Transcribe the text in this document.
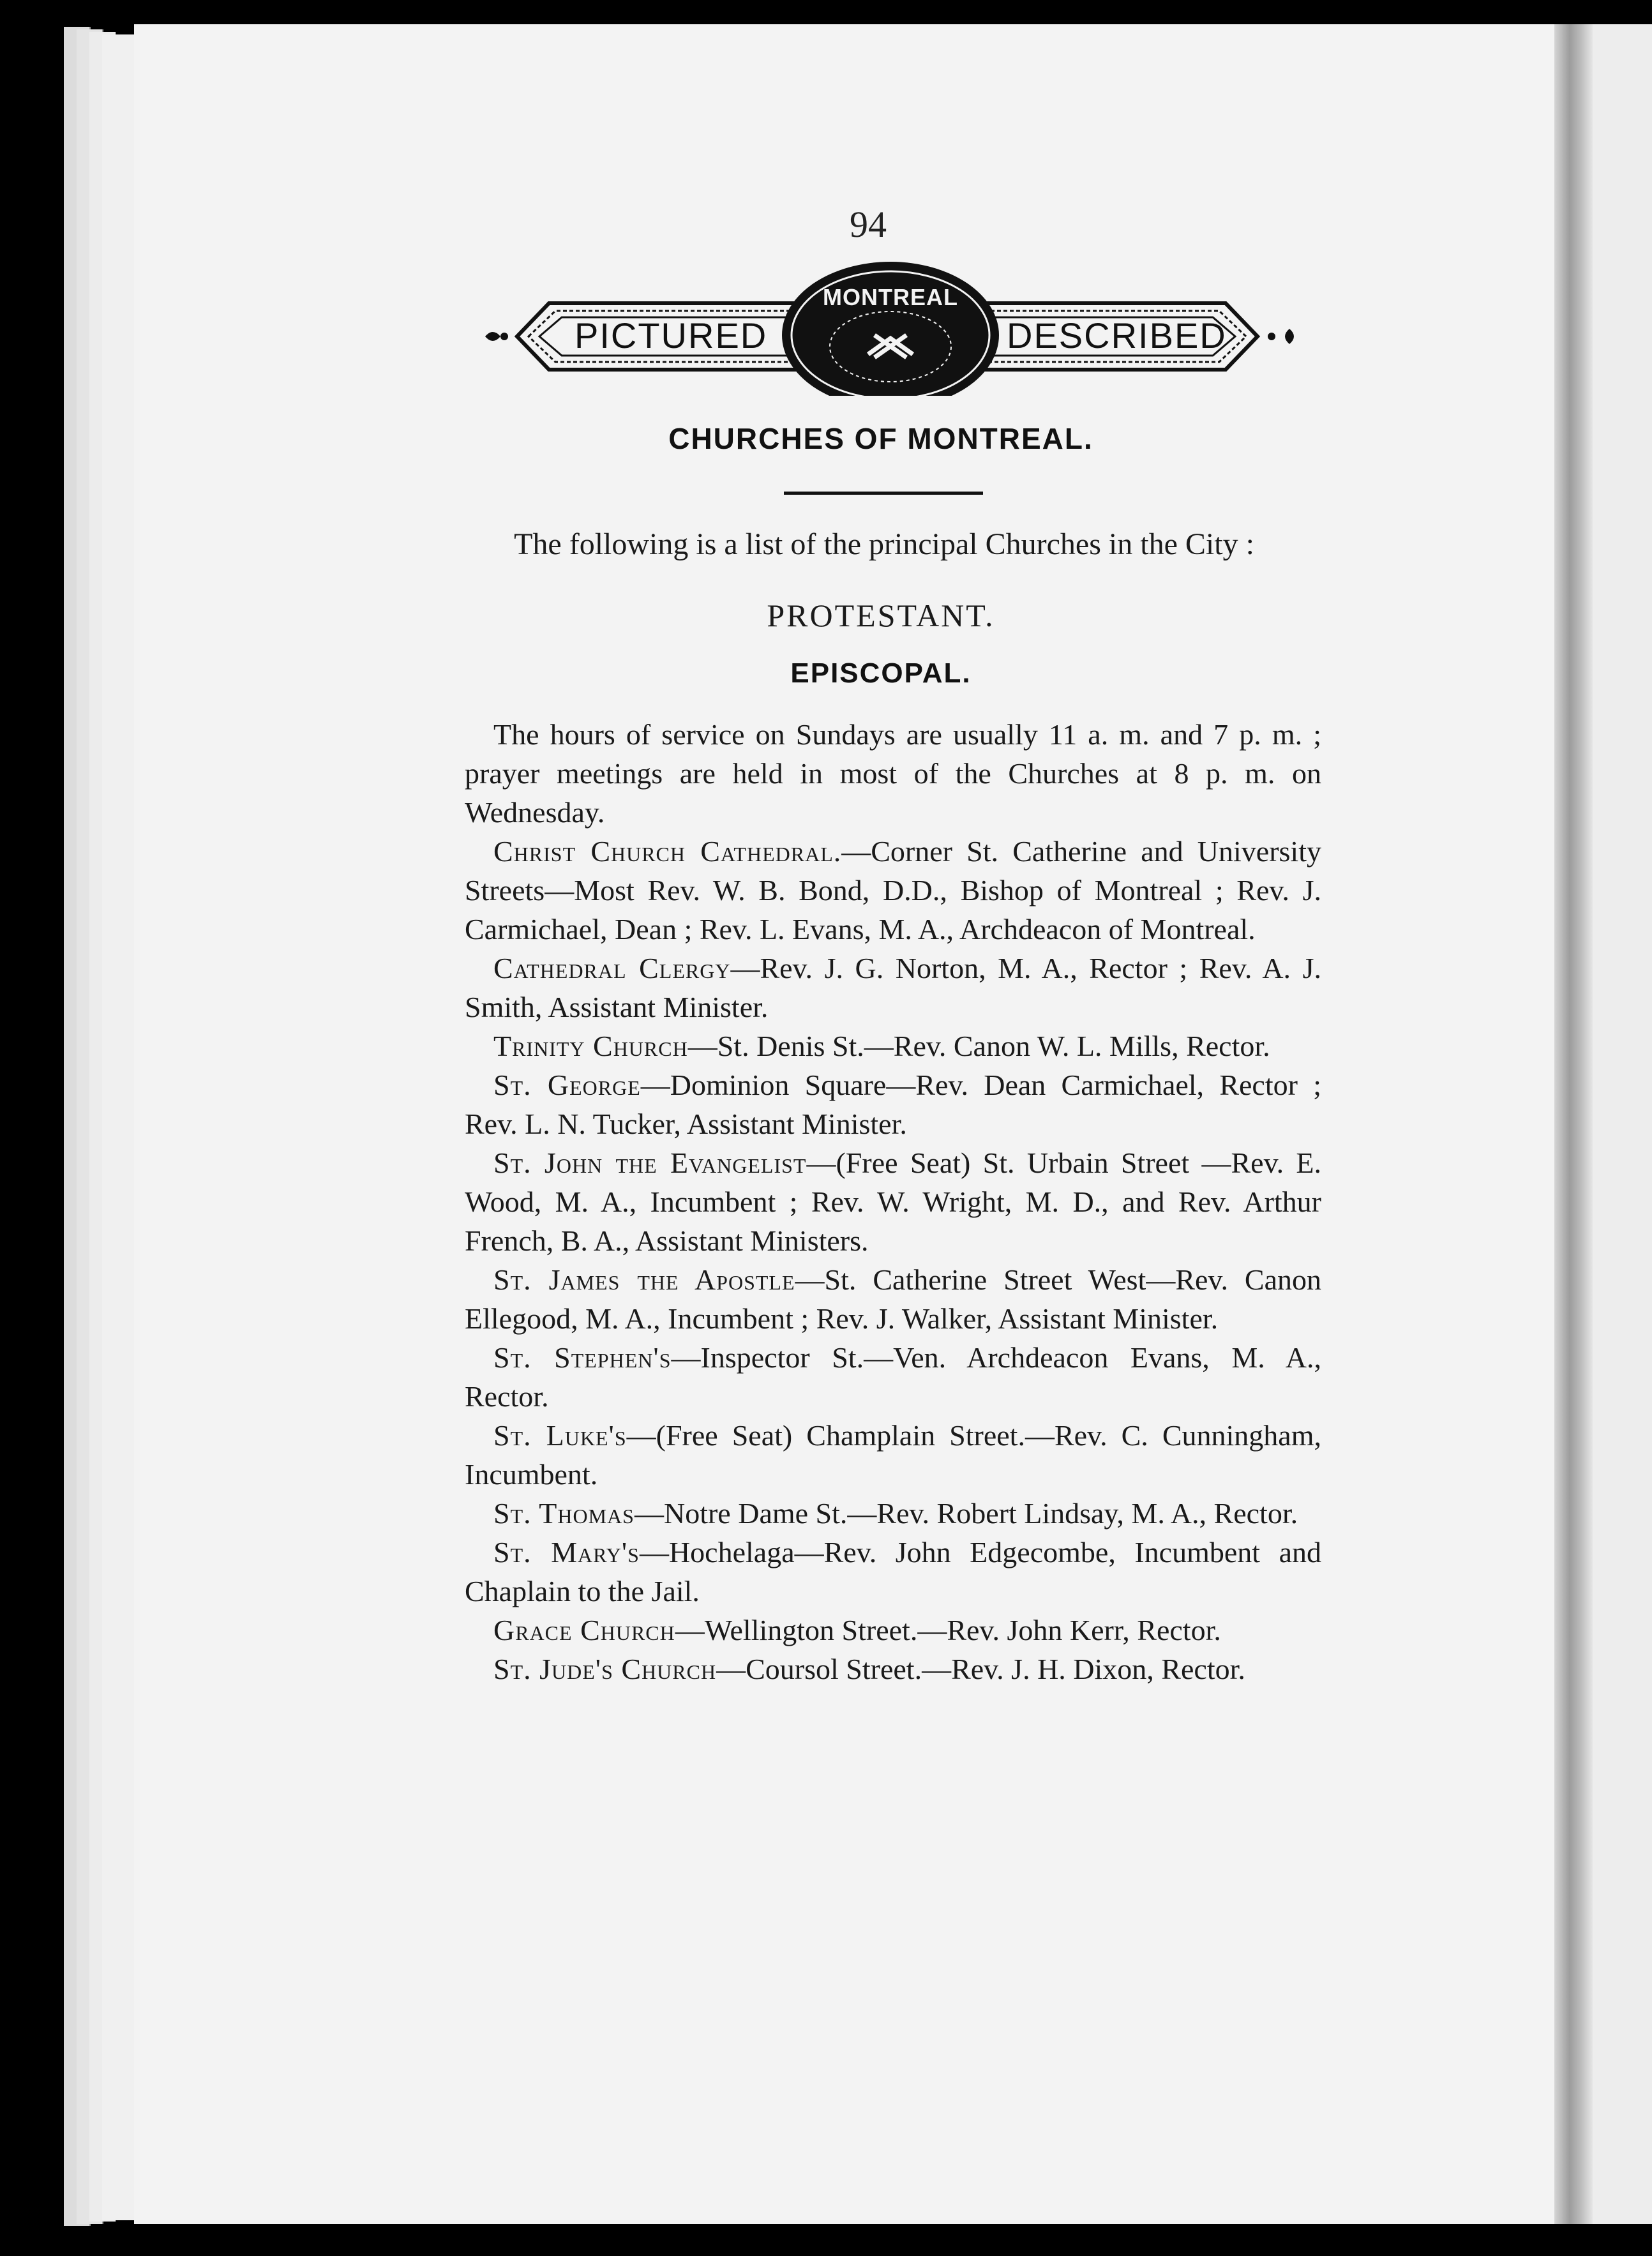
94
PICTURED
MONTREAL
DESCRIBED
CHURCHES OF MONTREAL.
The following is a list of the principal Churches in the City :
PROTESTANT.
EPISCOPAL.

The hours of service on Sundays are usually 11 a. m. and 7 p. m. ; prayer meetings are held in most of the Churches at 8 p. m. on Wednesday.

Christ Church Cathedral.—Corner St. Catherine and University Streets—Most Rev. W. B. Bond, D.D., Bishop of Montreal ; Rev. J. Carmichael, Dean ; Rev. L. Evans, M. A., Archdeacon of Montreal.

Cathedral Clergy—Rev. J. G. Norton, M. A., Rector ; Rev. A. J. Smith, Assistant Minister.

Trinity Church—St. Denis St.—Rev. Canon W. L. Mills, Rector.

St. George—Dominion Square—Rev. Dean Carmichael, Rector ; Rev. L. N. Tucker, Assistant Minister.

St. John the Evangelist—(Free Seat) St. Urbain Street —Rev. E. Wood, M. A., Incumbent ; Rev. W. Wright, M. D., and Rev. Arthur French, B. A., Assistant Ministers.

St. James the Apostle—St. Catherine Street West—Rev. Canon Ellegood, M. A., Incumbent ; Rev. J. Walker, Assistant Minister.

St. Stephen's—Inspector St.—Ven. Archdeacon Evans, M. A., Rector.

St. Luke's—(Free Seat) Champlain Street.—Rev. C. Cunningham, Incumbent.

St. Thomas—Notre Dame St.—Rev. Robert Lindsay, M. A., Rector.

St. Mary's—Hochelaga—Rev. John Edgecombe, Incumbent and Chaplain to the Jail.

Grace Church—Wellington Street.—Rev. John Kerr, Rector.

St. Jude's Church—Coursol Street.—Rev. J. H. Dixon, Rector.
